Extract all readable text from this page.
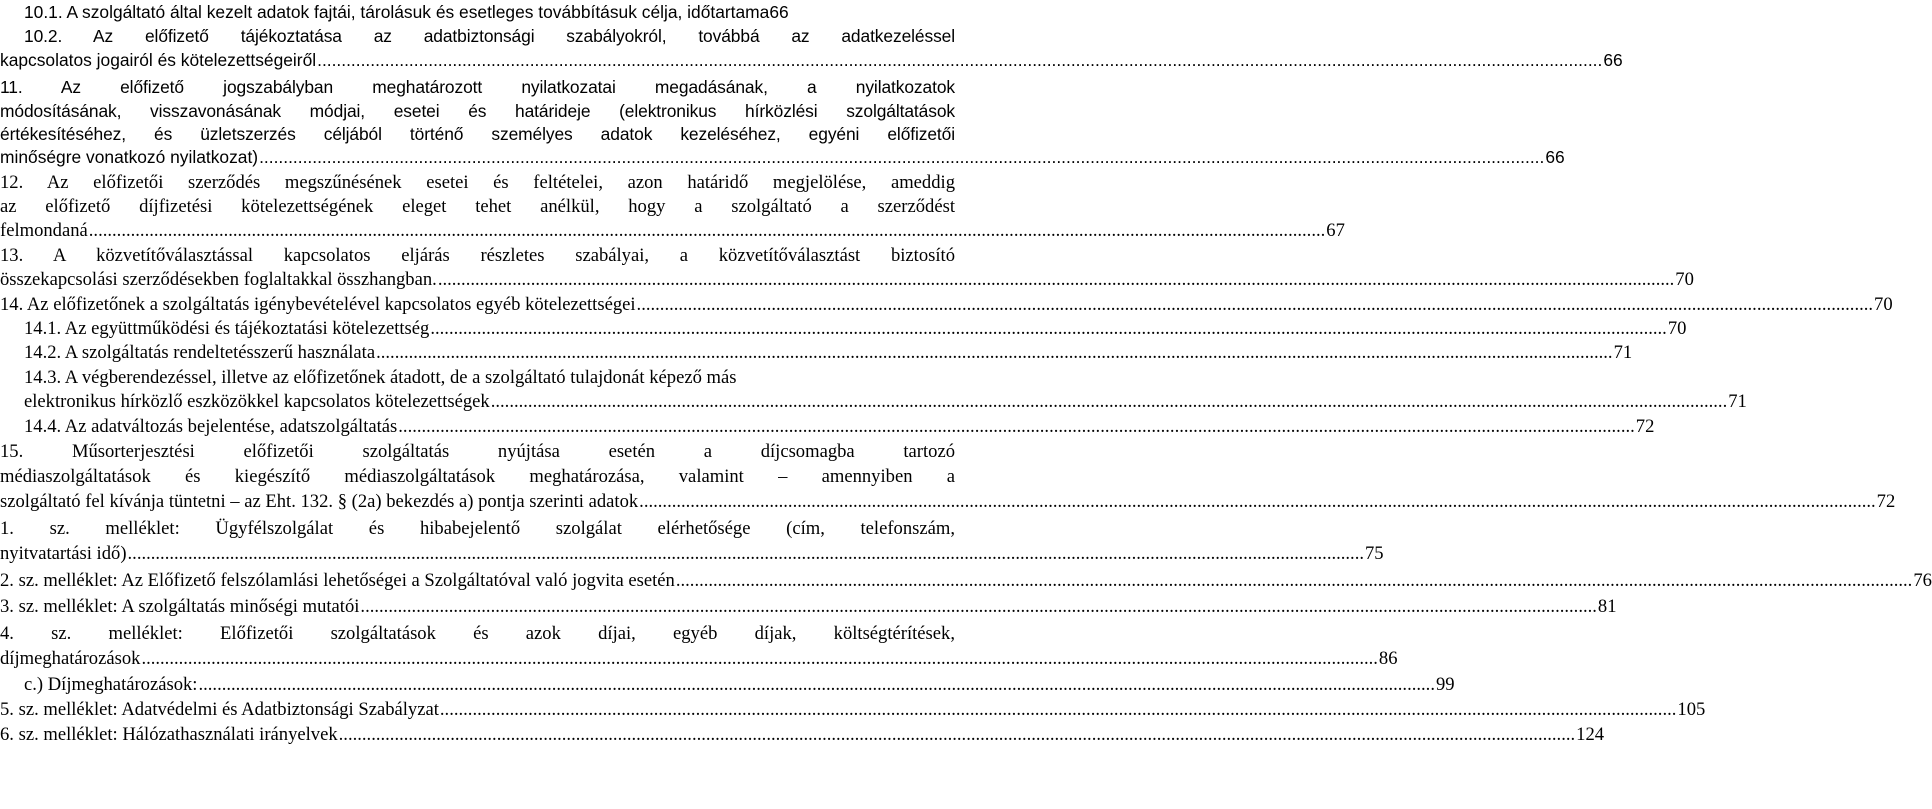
10.1. A szolgáltató által kezelt adatok fajtái, tárolásuk és esetleges továbbításuk célja, időtartama66
10.2. Az előfizető tájékoztatása az adatbiztonsági szabályokról, továbbá az adatkezeléssel
kapcsolatos jogairól és kötelezettségeiről .....	66
11. Az előfizető jogszabályban meghatározott nyilatkozatai megadásának, a nyilatkozatok
módosításának, visszavonásának módjai, esetei és határideje (elektronikus hírközlési szolgáltatások
értékesítéséhez, és üzletszerzés céljából történő személyes adatok kezeléséhez, egyéni előfizetői
minőségre vonatkozó nyilatkozat) .....	66
12. Az előfizetői szerződés megszűnésének esetei és feltételei, azon határidő megjelölése, ameddig
az előfizető díjfizetési kötelezettségének eleget tehet anélkül, hogy a szolgáltató a szerződést
felmondaná .....	67
13. A közvetítőválasztással kapcsolatos eljárás részletes szabályai, a közvetítőválasztást biztosító
összekapcsolási szerződésekben foglaltakkal összhangban. .....	70
14. Az előfizetőnek a szolgáltatás igénybevételével kapcsolatos egyéb kötelezettségei .....	70
14.1. Az együttműködési és tájékoztatási kötelezettség .....	70
14.2. A szolgáltatás rendeltetésszerű használata .....	71
14.3. A végberendezéssel, illetve az előfizetőnek átadott, de a szolgáltató tulajdonát képező más
elektronikus hírközlő eszközökkel kapcsolatos kötelezettségek .....	71
14.4. Az adatváltozás bejelentése, adatszolgáltatás .....	72
15. Műsorterjesztési előfizetői szolgáltatás nyújtása esetén a díjcsomagba tartozó
médiaszolgáltatások és kiegészítő médiaszolgáltatások meghatározása, valamint – amennyiben a
szolgáltató fel kívánja tüntetni – az Eht. 132. § (2a) bekezdés a) pontja szerinti adatok .....	72
1. sz. melléklet: Ügyfélszolgálat és hibabejelentő szolgálat elérhetősége (cím, telefonszám,
nyitvatartási idő) .....	75
2. sz. melléklet: Az Előfizető felszólamlási lehetőségei a Szolgáltatóval való jogvita esetén .....	76
3. sz. melléklet: A szolgáltatás minőségi mutatói .....	81
4. sz. melléklet: Előfizetői szolgáltatások és azok díjai, egyéb díjak, költségtérítések,
díjmeghatározások .....	86
c.) Díjmeghatározások: .....	99
5. sz. melléklet: Adatvédelmi és Adatbiztonsági Szabályzat .....	105
6. sz. melléklet: Hálózathasználati irányelvek .....	124
